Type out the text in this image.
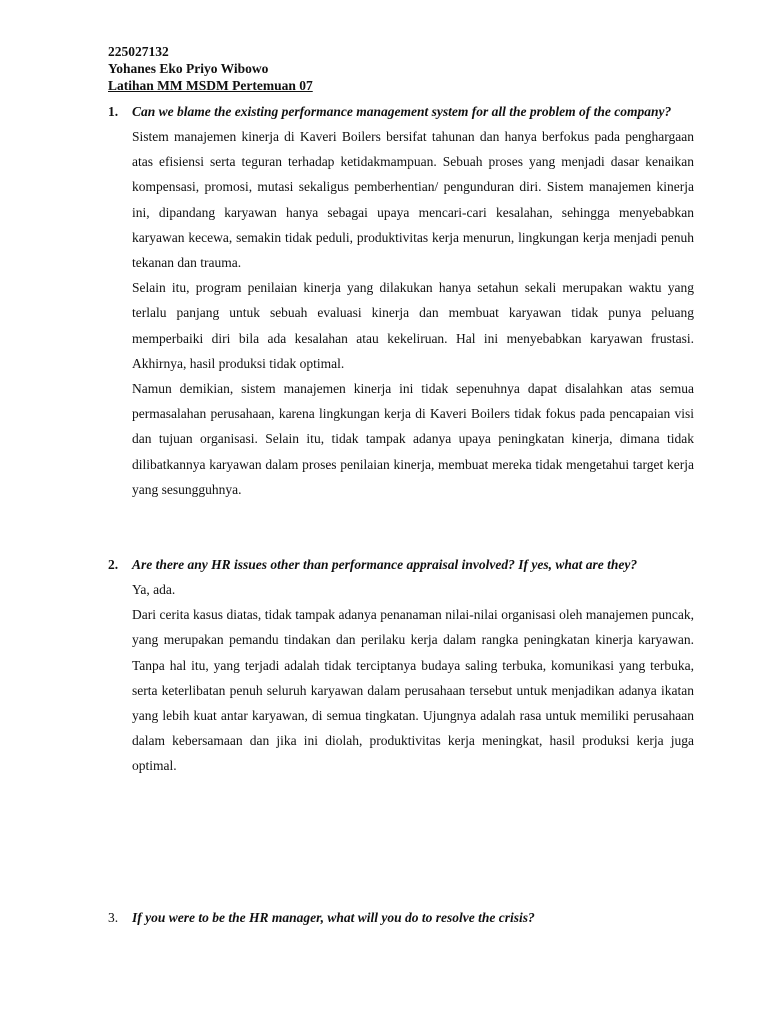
225027132
Yohanes Eko Priyo Wibowo
Latihan MM MSDM Pertemuan 07
1. Can we blame the existing performance management system for all the problem of the company?
Sistem manajemen kinerja di Kaveri Boilers bersifat tahunan dan hanya berfokus pada penghargaan atas efisiensi serta teguran terhadap ketidakmampuan. Sebuah proses yang menjadi dasar kenaikan kompensasi, promosi, mutasi sekaligus pemberhentian/ pengunduran diri. Sistem manajemen kinerja ini, dipandang karyawan hanya sebagai upaya mencari-cari kesalahan, sehingga menyebabkan karyawan kecewa, semakin tidak peduli, produktivitas kerja menurun, lingkungan kerja menjadi penuh tekanan dan trauma.
Selain itu, program penilaian kinerja yang dilakukan hanya setahun sekali merupakan waktu yang terlalu panjang untuk sebuah evaluasi kinerja dan membuat karyawan tidak punya peluang memperbaiki diri bila ada kesalahan atau kekeliruan. Hal ini menyebabkan karyawan frustasi. Akhirnya, hasil produksi tidak optimal.
Namun demikian, sistem manajemen kinerja ini tidak sepenuhnya dapat disalahkan atas semua permasalahan perusahaan, karena lingkungan kerja di Kaveri Boilers tidak fokus pada pencapaian visi dan tujuan organisasi. Selain itu, tidak tampak adanya upaya peningkatan kinerja, dimana tidak dilibatkannya karyawan dalam proses penilaian kinerja, membuat mereka tidak mengetahui target kerja yang sesungguhnya.
2. Are there any HR issues other than performance appraisal involved? If yes, what are they?
Ya, ada.
Dari cerita kasus diatas, tidak tampak adanya penanaman nilai-nilai organisasi oleh manajemen puncak, yang merupakan pemandu tindakan dan perilaku kerja dalam rangka peningkatan kinerja karyawan. Tanpa hal itu, yang terjadi adalah tidak terciptanya budaya saling terbuka, komunikasi yang terbuka, serta keterlibatan penuh seluruh karyawan dalam perusahaan tersebut untuk menjadikan adanya ikatan yang lebih kuat antar karyawan, di semua tingkatan. Ujungnya adalah rasa untuk memiliki perusahaan dalam kebersamaan dan jika ini diolah, produktivitas kerja meningkat, hasil produksi kerja juga optimal.
3. If you were to be the HR manager, what will you do to resolve the crisis?
